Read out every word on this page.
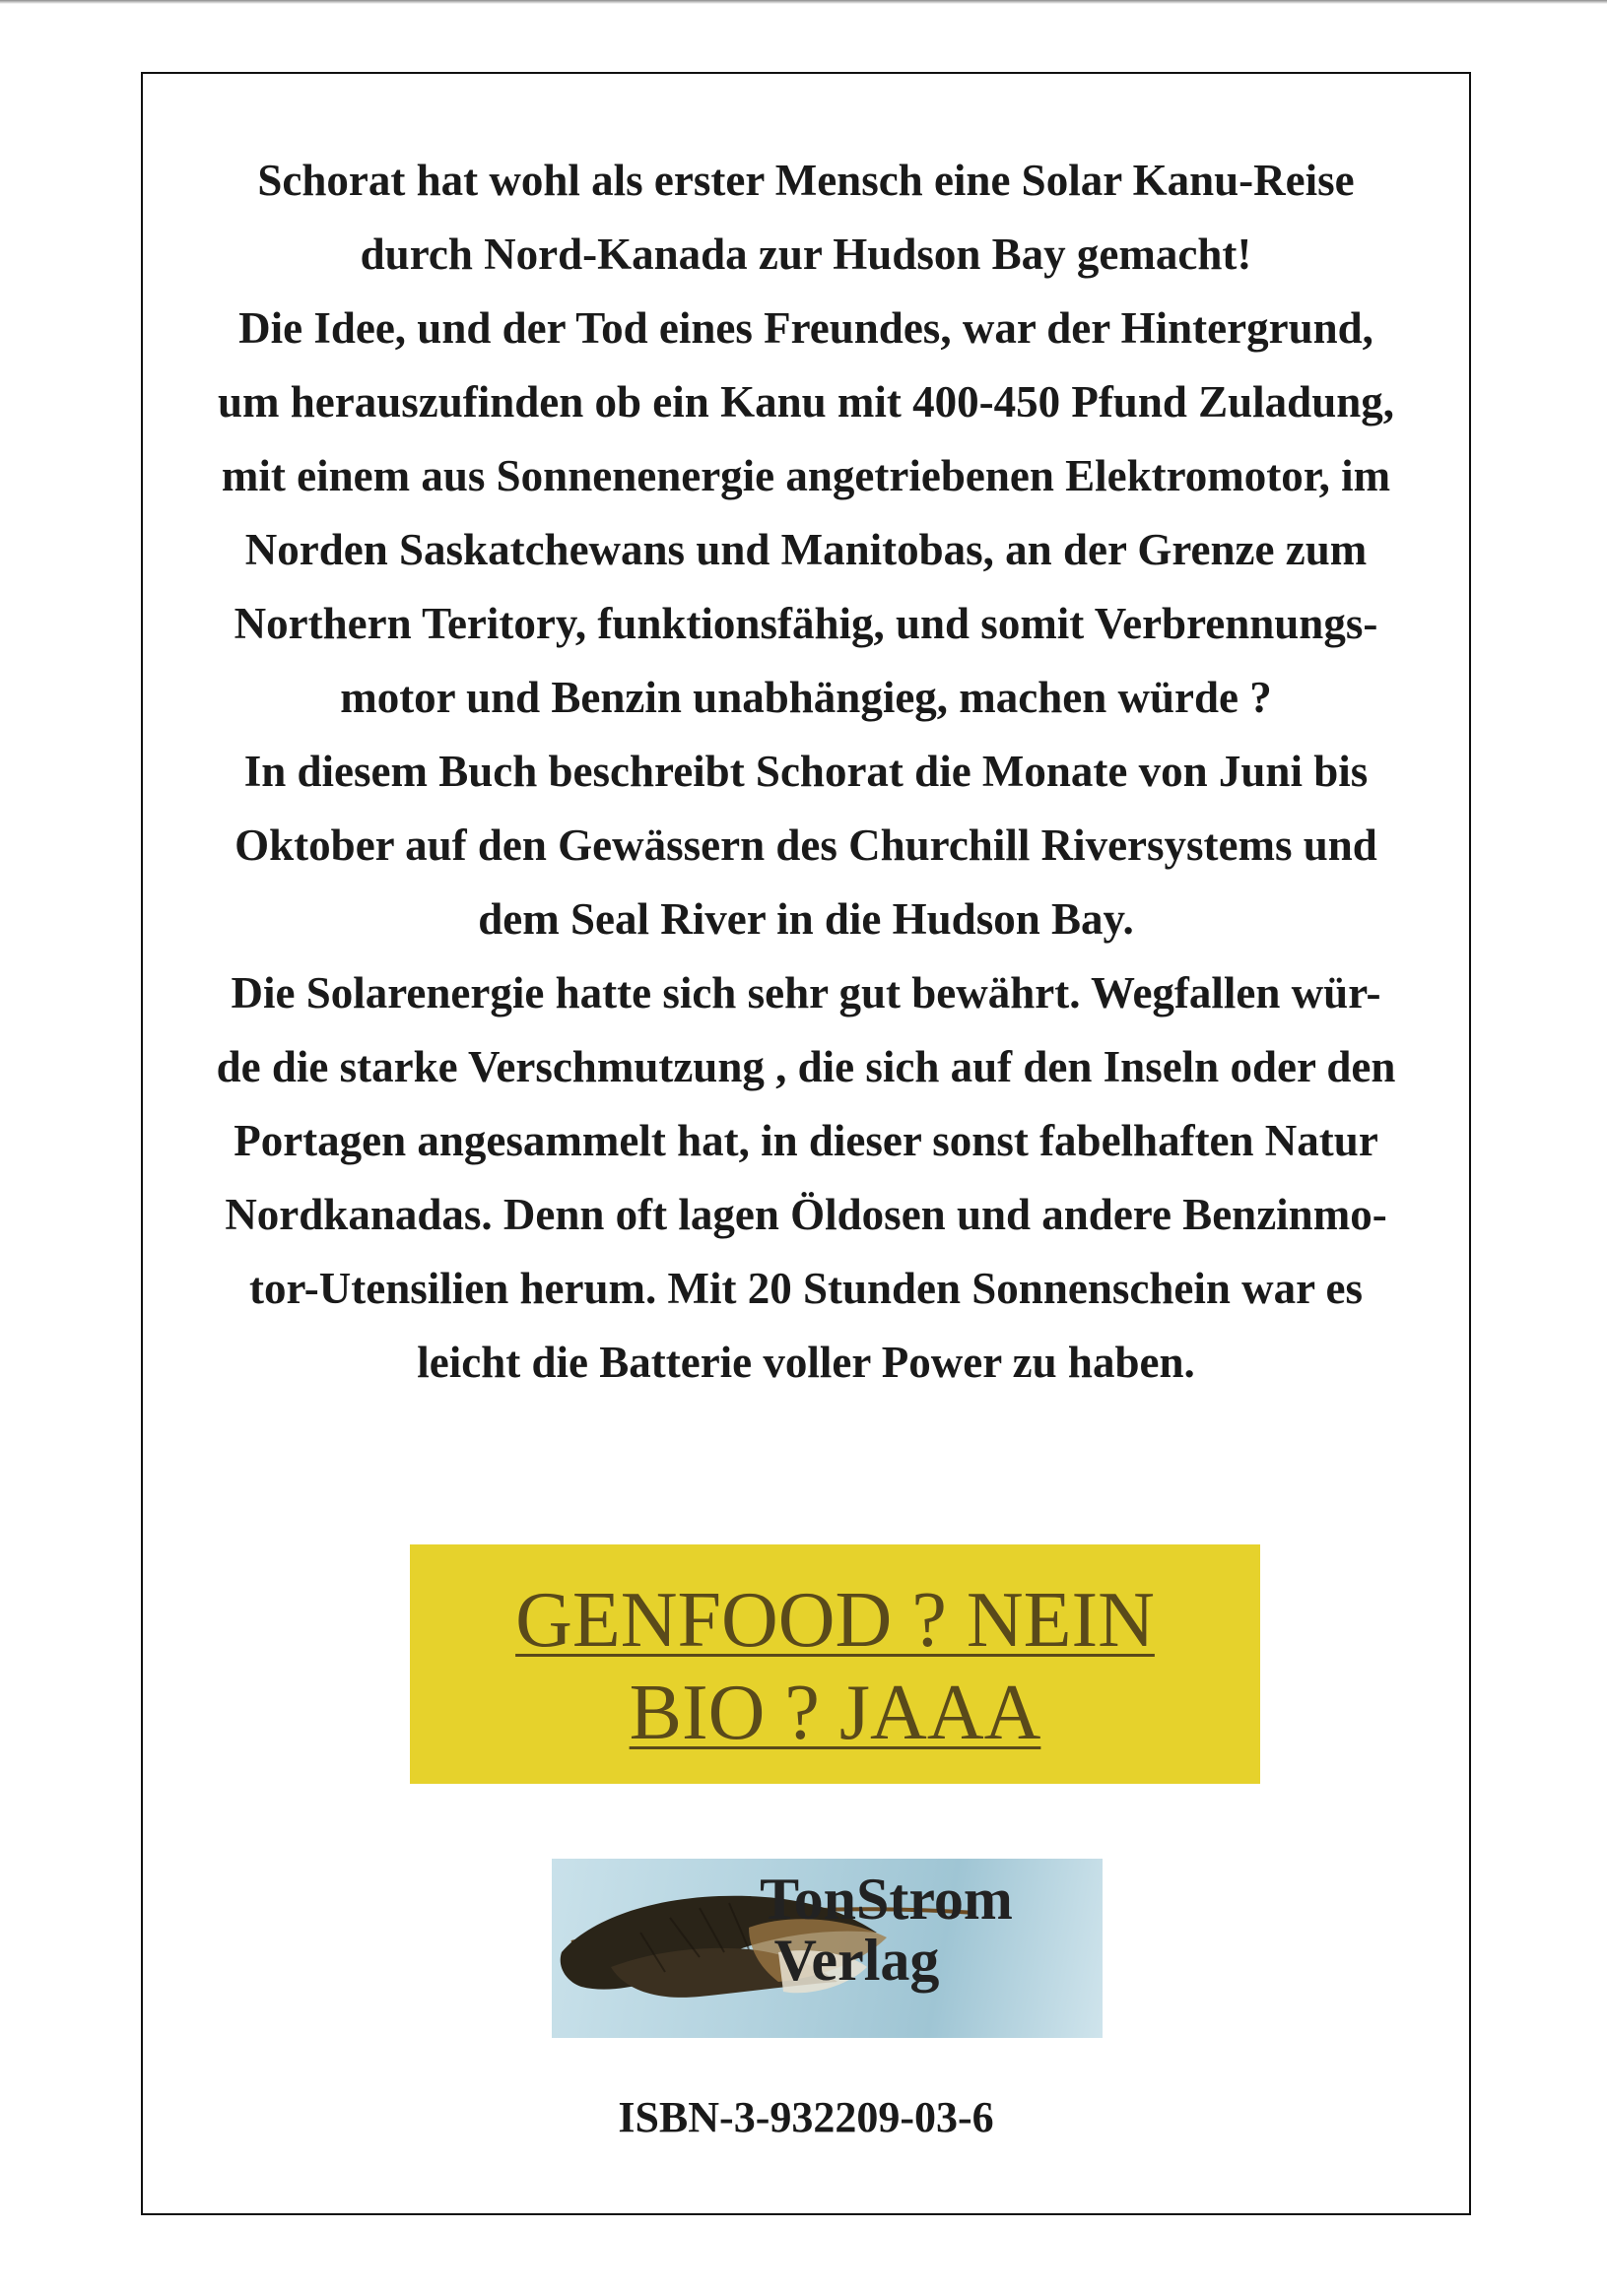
Schorat hat wohl als erster Mensch eine Solar Kanu-Reise
durch Nord-Kanada zur Hudson Bay gemacht!
Die Idee, und der Tod eines Freundes, war der Hintergrund,
um herauszufinden ob ein Kanu mit 400-450 Pfund Zuladung,
mit einem aus Sonnenenergie angetriebenen Elektromotor, im
Norden Saskatchewans und Manitobas, an der Grenze zum
Northern Teritory, funktionsfähig, und somit Verbrennungs-
motor und Benzin unabhängieg, machen würde ?
In diesem Buch beschreibt Schorat die Monate von Juni bis
Oktober auf den Gewässern des Churchill Riversystems und
dem Seal River in die Hudson Bay.
Die Solarenergie hatte sich sehr gut bewährt. Wegfallen wür-
de die starke Verschmutzung , die sich auf den Inseln oder den
Portagen angesammelt hat, in dieser sonst fabelhaften Natur
Nordkanadas. Denn oft lagen Öldosen und andere Benzinmo-
tor-Utensilien herum. Mit 20 Stunden Sonnenschein war es
leicht die Batterie voller Power zu haben.
GENFOOD ? NEIN
BIO ? JAAA
TonStrom
Verlag
ISBN-3-932209-03-6
